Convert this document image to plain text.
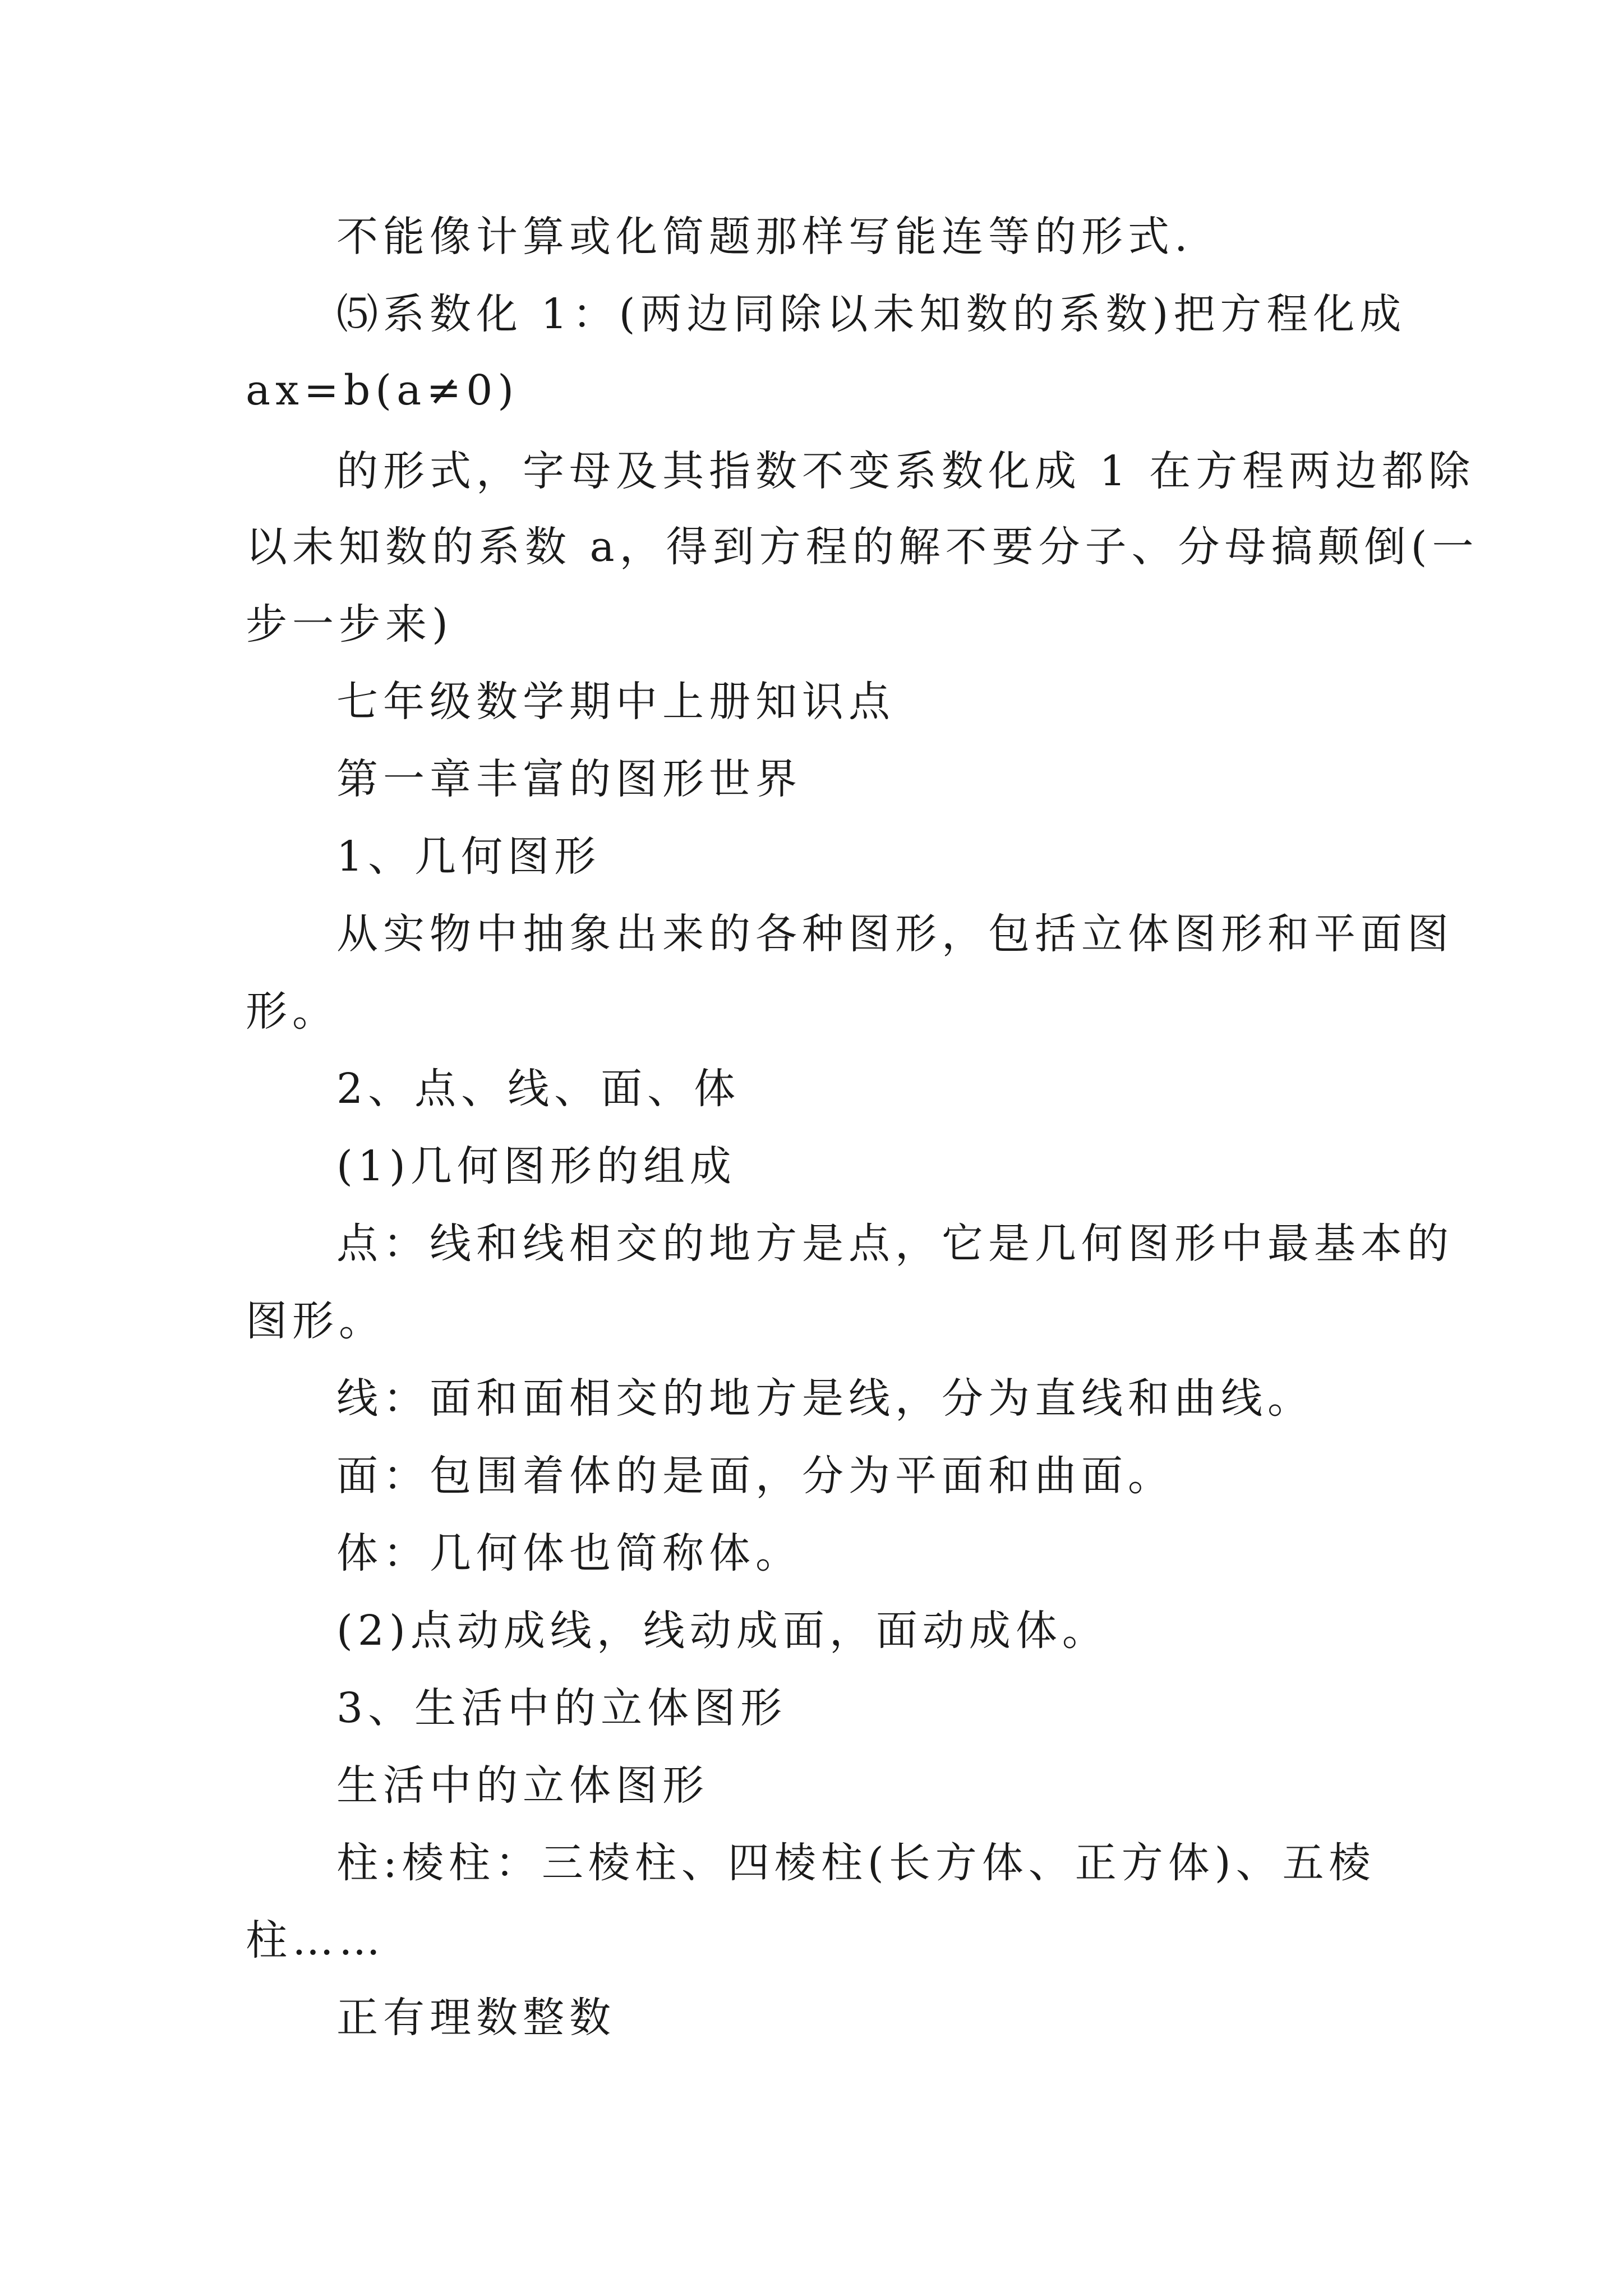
不能像计算或化简题那样写能连等的形式.
⑸系数化 1：(两边同除以未知数的系数)把方程化成
ax=b(a≠0)
的形式，字母及其指数不变系数化成 1 在方程两边都除
以未知数的系数 a，得到方程的解不要分子、分母搞颠倒(一
步一步来)
七年级数学期中上册知识点
第一章丰富的图形世界
1、几何图形
从实物中抽象出来的各种图形，包括立体图形和平面图
形。
2、点、线、面、体
(1)几何图形的组成
点：线和线相交的地方是点，它是几何图形中最基本的
图形。
线：面和面相交的地方是线，分为直线和曲线。
面：包围着体的是面，分为平面和曲面。
体：几何体也简称体。
(2)点动成线，线动成面，面动成体。
3、生活中的立体图形
生活中的立体图形
柱:棱柱：三棱柱、四棱柱(长方体、正方体)、五棱
柱……
正有理数整数
